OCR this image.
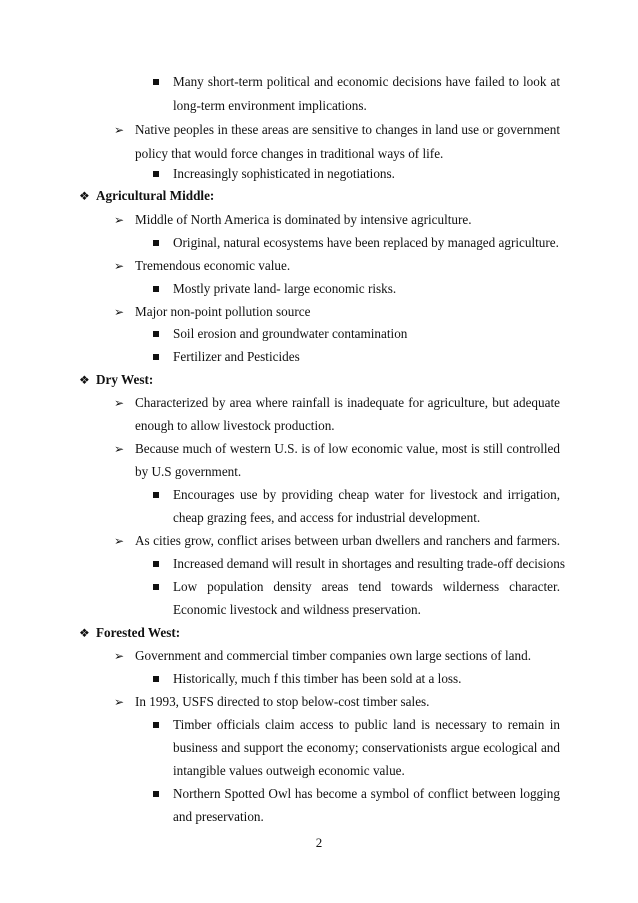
Many short-term political and economic decisions have failed to look at
long-term environment implications.
➢ Native peoples in these areas are sensitive to changes in land use or government
policy that would force changes in traditional ways of life.
Increasingly sophisticated in negotiations.
❖ Agricultural Middle:
➢ Middle of North America is dominated by intensive agriculture.
Original, natural ecosystems have been replaced by managed agriculture.
➢ Tremendous economic value.
Mostly private land- large economic risks.
➢ Major non-point pollution source
Soil erosion and groundwater contamination
Fertilizer and Pesticides
❖ Dry West:
➢ Characterized by area where rainfall is inadequate for agriculture, but adequate
enough to allow livestock production.
➢ Because much of western U.S. is of low economic value, most is still controlled
by U.S government.
Encourages use by providing cheap water for livestock and irrigation,
cheap grazing fees, and access for industrial development.
➢ As cities grow, conflict arises between urban dwellers and ranchers and farmers.
Increased demand will result in shortages and resulting trade-off decisions
Low population density areas tend towards wilderness character.
Economic livestock and wildness preservation.
❖ Forested West:
➢ Government and commercial timber companies own large sections of land.
Historically, much f this timber has been sold at a loss.
➢ In 1993, USFS directed to stop below-cost timber sales.
Timber officials claim access to public land is necessary to remain in
business and support the economy; conservationists argue ecological and
intangible values outweigh economic value.
Northern Spotted Owl has become a symbol of conflict between logging
and preservation.
2
